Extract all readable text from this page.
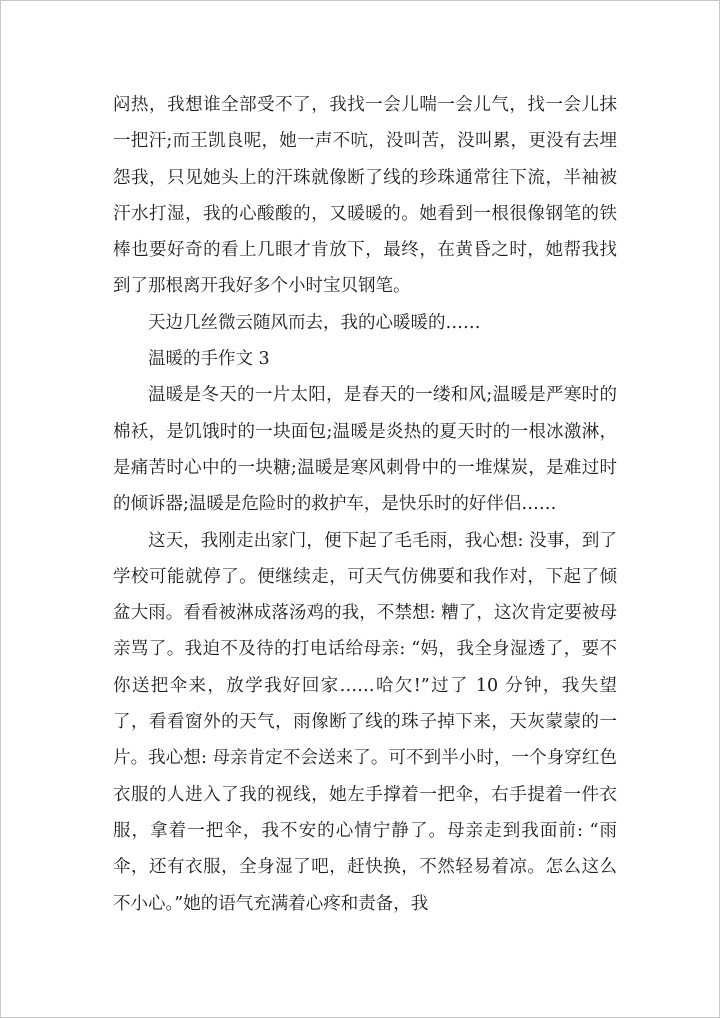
闷热，我想谁全部受不了，我找一会儿喘一会儿气，找一会儿抹一把汗;而王凯良呢，她一声不吭，没叫苦，没叫累，更没有去埋怨我，只见她头上的汗珠就像断了线的珍珠通常往下流，半袖被汗水打湿，我的心酸酸的，又暖暖的。她看到一根很像钢笔的铁棒也要好奇的看上几眼才肯放下，最终，在黄昏之时，她帮我找到了那根离开我好多个小时宝贝钢笔。

天边几丝微云随风而去，我的心暖暖的……

温暖的手作文 3

温暖是冬天的一片太阳，是春天的一缕和风;温暖是严寒时的棉袄，是饥饿时的一块面包;温暖是炎热的夏天时的一根冰激淋，是痛苦时心中的一块糖;温暖是寒风刺骨中的一堆煤炭，是难过时的倾诉器;温暖是危险时的救护车，是快乐时的好伴侣……

这天，我刚走出家门，便下起了毛毛雨，我心想: 没事，到了学校可能就停了。便继续走，可天气仿佛要和我作对，下起了倾盆大雨。看看被淋成落汤鸡的我，不禁想: 糟了，这次肯定要被母亲骂了。我迫不及待的打电话给母亲: “妈，我全身湿透了，要不你送把伞来，放学我好回家……哈欠!”过了 10 分钟，我失望了，看看窗外的天气，雨像断了线的珠子掉下来，天灰蒙蒙的一片。我心想: 母亲肯定不会送来了。可不到半小时，一个身穿红色衣服的人进入了我的视线，她左手撑着一把伞，右手提着一件衣服，拿着一把伞，我不安的心情宁静了。母亲走到我面前: “雨伞，还有衣服，全身湿了吧，赶快换，不然轻易着凉。怎么这么不小心。”她的语气充满着心疼和责备，我
